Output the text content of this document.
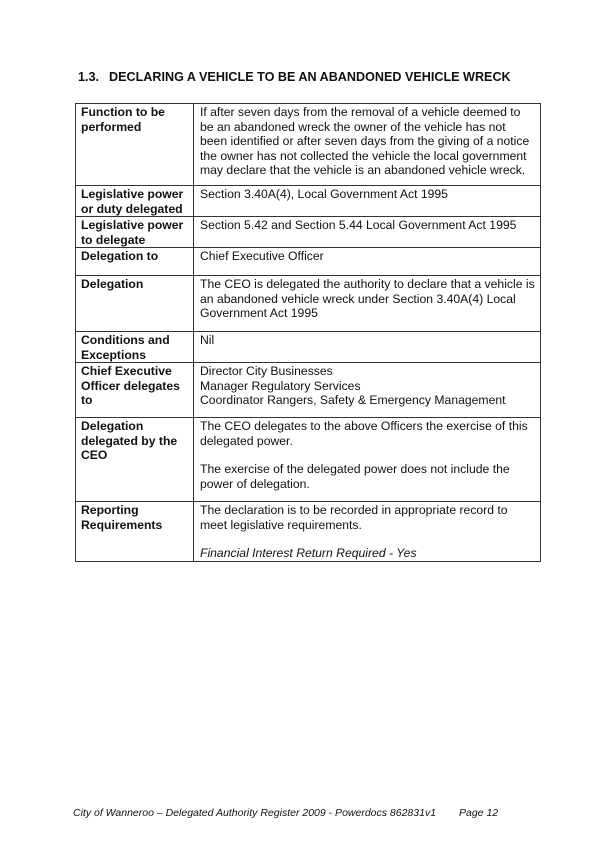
1.3. DECLARING A VEHICLE TO BE AN ABANDONED VEHICLE WRECK
Function to be performed	If after seven days from the removal of a vehicle deemed to be an abandoned wreck the owner of the vehicle has not been identified or after seven days from the giving of a notice the owner has not collected the vehicle the local government may declare that the vehicle is an abandoned vehicle wreck.

Legislative power or duty delegated	Section 3.40A(4), Local Government Act 1995

Legislative power to delegate	Section 5.42 and Section 5.44 Local Government Act 1995

Delegation to	Chief Executive Officer

Delegation	The CEO is delegated the authority to declare that a vehicle is an abandoned vehicle wreck under Section 3.40A(4) Local Government Act 1995

Conditions and Exceptions	Nil

Chief Executive Officer delegates to	Director City Businesses
Manager Regulatory Services
Coordinator Rangers, Safety & Emergency Management

Delegation delegated by the CEO	The CEO delegates to the above Officers the exercise of this delegated power.
The exercise of the delegated power does not include the power of delegation.

Reporting Requirements	The declaration is to be recorded in appropriate record to meet legislative requirements.
Financial Interest Return Required - Yes
City of Wanneroo – Delegated Authority Register 2009 - Powerdocs 862831v1 Page 12
